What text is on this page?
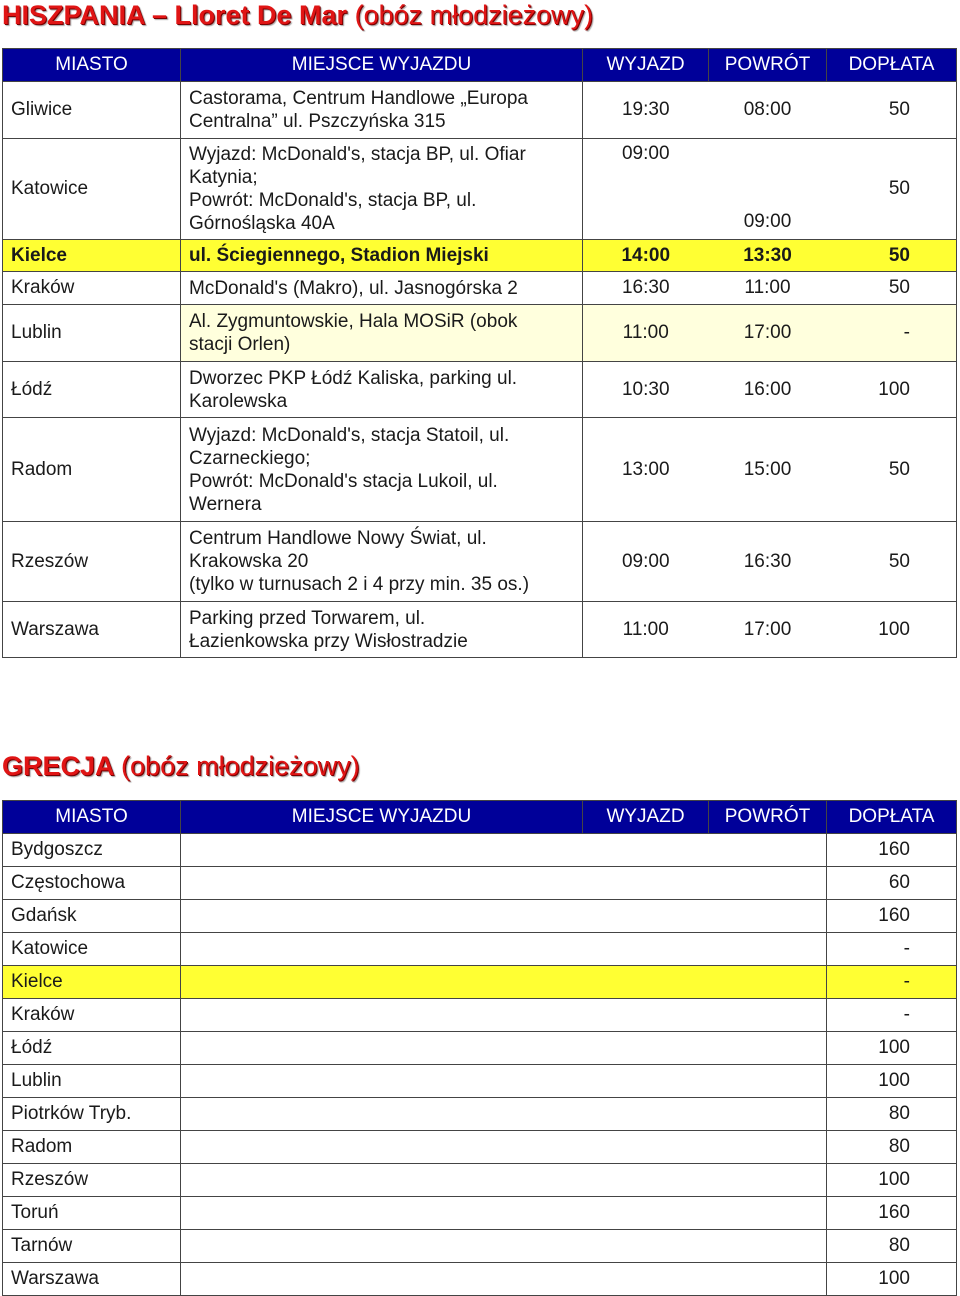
HISZPANIA – Lloret De Mar (obóz młodzieżowy)
MIASTO	MIEJSCE WYJAZDU	WYJAZD	POWRÓT	DOPŁATA
Gliwice	Castorama, Centrum Handlowe „Europa
Centralna” ul. Pszczyńska 315	19:30	08:00	50
Katowice	Wyjazd: McDonald's, stacja BP, ul. Ofiar
Katynia;
Powrót: McDonald's, stacja BP, ul.
Górnośląska 40A	09:00	09:00	50
Kielce	ul. Ściegiennego, Stadion Miejski	14:00	13:30	50
Kraków	McDonald's (Makro), ul. Jasnogórska 2	16:30	11:00	50
Lublin	Al. Zygmuntowskie, Hala MOSiR (obok
stacji Orlen)	11:00	17:00	-
Łódź	Dworzec PKP Łódź Kaliska, parking ul.
Karolewska	10:30	16:00	100
Radom	Wyjazd: McDonald's, stacja Statoil, ul.
Czarneckiego;
Powrót: McDonald's stacja Lukoil, ul.
Wernera	13:00	15:00	50
Rzeszów	Centrum Handlowe Nowy Świat, ul.
Krakowska 20
(tylko w turnusach 2 i 4 przy min. 35 os.)	09:00	16:30	50
Warszawa	Parking przed Torwarem, ul.
Łazienkowska przy Wisłostradzie	11:00	17:00	100
GRECJA (obóz młodzieżowy)
MIASTO	MIEJSCE WYJAZDU	WYJAZD	POWRÓT	DOPŁATA
Bydgoszcz				160
Częstochowa				60
Gdańsk				160
Katowice				-
Kielce				-
Kraków				-
Łódź				100
Lublin				100
Piotrków Tryb.				80
Radom				80
Rzeszów				100
Toruń				160
Tarnów				80
Warszawa				100
